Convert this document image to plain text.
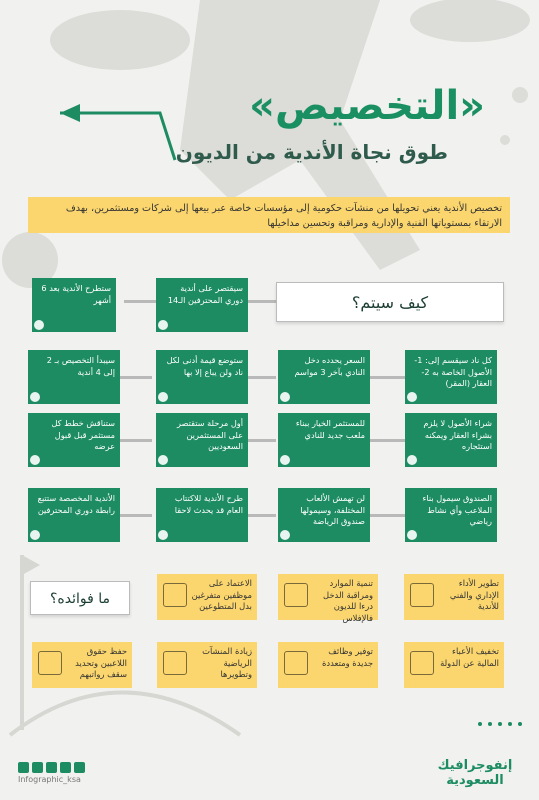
«التخصيص»
طوق نجاة الأندية من الديون
تخصيص الأندية يعني تحويلها من منشآت حكومية إلى مؤسسات خاصة عبر بيعها إلى شركات ومستثمرين، بهدف الارتقاء بمستوياتها الفنية والإدارية ومراقبة وتحسين مداخيلها
كيف سيتم؟
ستطرح الأندية بعد 6 أشهر
سيقتصر على أندية دوري المحترفين الـ14
سيبدأ التخصيص بـ 2 إلى 4 أندية
ستوضع قيمة أدنى لكل ناد ولن يباع إلا بها
السعر يحدده دخل النادي بآخر 3 مواسم
كل ناد سيقسم إلى: 1- الأصول الخاصة به 2- العقار (المقر)
ستناقش خطط كل مستثمر قبل قبول عرضه
أول مرحلة ستقتصر على المستثمرين السعوديين
للمستثمر الخيار ببناء ملعب جديد للنادي
شراء الأصول لا يلزم بشراء العقار ويمكنه استئجاره
الأندية المخصصة ستتبع رابطة دوري المحترفين
طرح الأندية للاكتتاب العام قد يحدث لاحقا
لن تهمش الألعاب المختلفة، وسيمولها صندوق الرياضة
الصندوق سيمول بناء الملاعب وأي نشاط رياضي
ما فوائده؟
الاعتماد على موظفين متفرغين بدل المتطوعين
تنمية الموارد ومراقبة الدخل درءا للديون فالإفلاس
تطوير الأداء الإداري والفني للأندية
حفظ حقوق اللاعبين وتحديد سقف رواتبهم
زيادة المنشآت الرياضية وتطويرها
توفير وظائف جديدة ومتعددة
تخفيف الأعباء المالية عن الدولة
إنفوجرافيك
السعودية
Infographic_ksa
